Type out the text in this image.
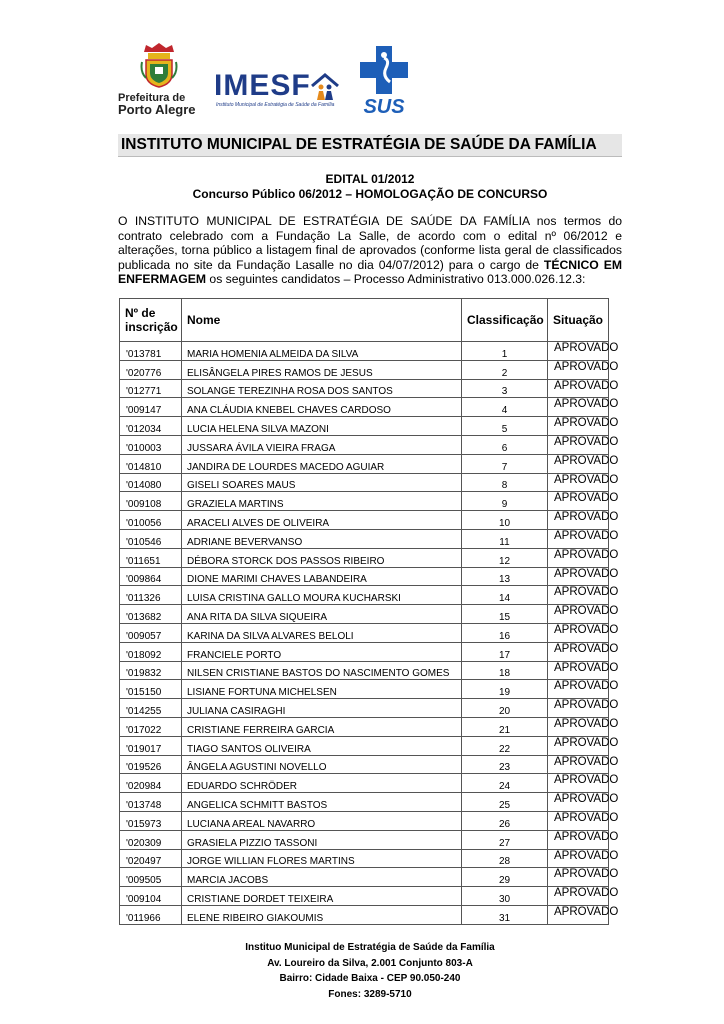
Prefeitura de
Porto Alegre
IMESF
Instituto Municipal de Estratégia de Saúde da Família SUS
INSTITUTO MUNICIPAL DE ESTRATÉGIA DE SAÚDE DA FAMÍLIA
EDITAL 01/2012
Concurso Público 06/2012 – HOMOLOGAÇÃO DE CONCURSO
O INSTITUTO MUNICIPAL DE ESTRATÉGIA DE SAÚDE DA FAMÍLIA nos termos do contrato celebrado com a Fundação La Salle, de acordo com o edital nº 06/2012 e alterações, torna público a listagem final de aprovados (conforme lista geral de classificados publicada no site da Fundação Lasalle no dia 04/07/2012) para o cargo de TÉCNICO EM ENFERMAGEM os seguintes candidatos – Processo Administrativo 013.000.026.12.3:
Nº de inscrição	Nome	Classificação	Situação
'013781	MARIA HOMENIA ALMEIDA DA SILVA	1	APROVADO
'020776	ELISÂNGELA PIRES RAMOS DE JESUS	2	APROVADO
'012771	SOLANGE TEREZINHA ROSA DOS SANTOS	3	APROVADO
'009147	ANA CLÁUDIA KNEBEL CHAVES CARDOSO	4	APROVADO
'012034	LUCIA HELENA SILVA MAZONI	5	APROVADO
'010003	JUSSARA ÁVILA VIEIRA FRAGA	6	APROVADO
'014810	JANDIRA DE LOURDES MACEDO AGUIAR	7	APROVADO
'014080	GISELI SOARES MAUS	8	APROVADO
'009108	GRAZIELA MARTINS	9	APROVADO
'010056	ARACELI ALVES DE OLIVEIRA	10	APROVADO
'010546	ADRIANE BEVERVANSO	11	APROVADO
'011651	DÉBORA STORCK DOS PASSOS RIBEIRO	12	APROVADO
'009864	DIONE MARIMI CHAVES LABANDEIRA	13	APROVADO
'011326	LUISA CRISTINA GALLO MOURA KUCHARSKI	14	APROVADO
'013682	ANA RITA DA SILVA SIQUEIRA	15	APROVADO
'009057	KARINA DA SILVA ALVARES BELOLI	16	APROVADO
'018092	FRANCIELE PORTO	17	APROVADO
'019832	NILSEN CRISTIANE BASTOS DO NASCIMENTO GOMES	18	APROVADO
'015150	LISIANE FORTUNA MICHELSEN	19	APROVADO
'014255	JULIANA CASIRAGHI	20	APROVADO
'017022	CRISTIANE FERREIRA GARCIA	21	APROVADO
'019017	TIAGO SANTOS OLIVEIRA	22	APROVADO
'019526	ÂNGELA AGUSTINI NOVELLO	23	APROVADO
'020984	EDUARDO SCHRÖDER	24	APROVADO
'013748	ANGELICA SCHMITT BASTOS	25	APROVADO
'015973	LUCIANA AREAL NAVARRO	26	APROVADO
'020309	GRASIELA PIZZIO TASSONI	27	APROVADO
'020497	JORGE WILLIAN FLORES MARTINS	28	APROVADO
'009505	MARCIA JACOBS	29	APROVADO
'009104	CRISTIANE DORDET TEIXEIRA	30	APROVADO
'011966	ELENE RIBEIRO GIAKOUMIS	31	APROVADO
Instituo Municipal de Estratégia de Saúde da Família
Av. Loureiro da Silva, 2.001 Conjunto 803-A
Bairro: Cidade Baixa - CEP 90.050-240
Fones: 3289-5710
